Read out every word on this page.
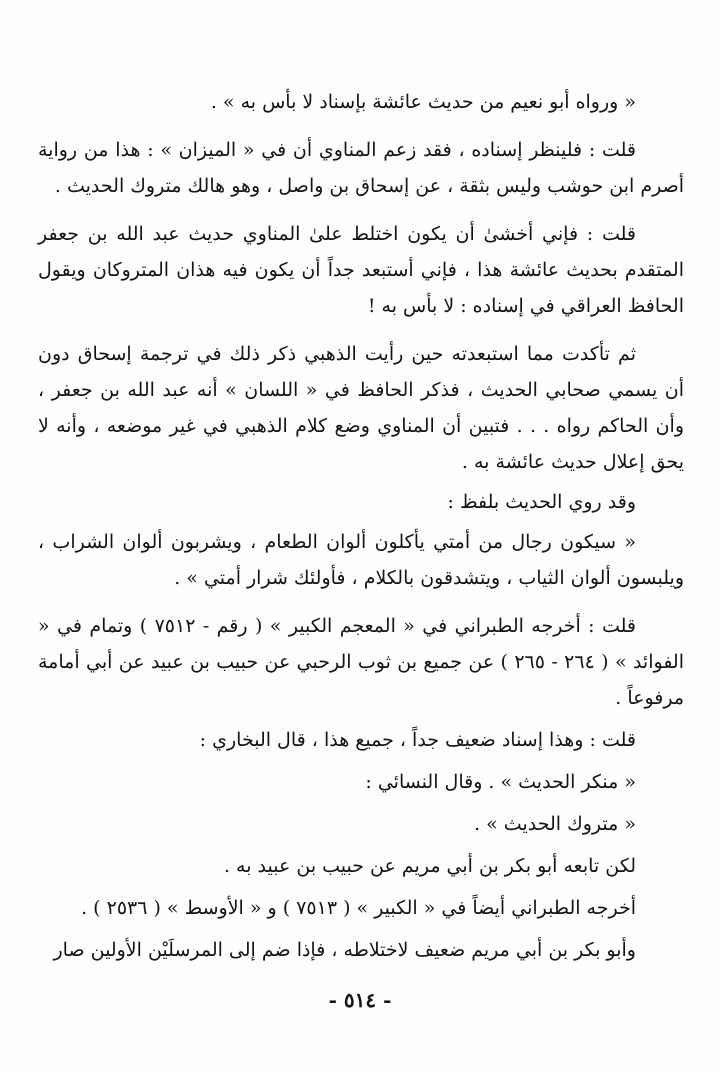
« ورواه أبو نعيم من حديث عائشة بإسناد لا بأس به » .

قلت : فلينظر إسناده ، فقد زعم المناوي أن في « الميزان » : هذا من رواية أصرم ابن حوشب وليس بثقة ، عن إسحاق بن واصل ، وهو هالك متروك الحديث .

قلت : فإني أخشىٰ أن يكون اختلط علىٰ المناوي حديث عبد الله بن جعفر المتقدم بحديث عائشة هذا ، فإني أستبعد جداً أن يكون فيه هذان المتروكان ويقول الحافظ العراقي في إسناده : لا بأس به !

ثم تأكدت مما استبعدته حين رأيت الذهبي ذكر ذلك في ترجمة إسحاق دون أن يسمي صحابي الحديث ، فذكر الحافظ في « اللسان » أنه عبد الله بن جعفر ، وأن الحاكم رواه . . . فتبين أن المناوي وضع كلام الذهبي في غير موضعه ، وأنه لا يحق إعلال حديث عائشة به .

وقد روي الحديث بلفظ :

« سيكون رجال من أمتي يأكلون ألوان الطعام ، ويشربون ألوان الشراب ، ويلبسون ألوان الثياب ، ويتشدقون بالكلام ، فأولئك شرار أمتي » .

قلت : أخرجه الطبراني في « المعجم الكبير » ( رقم - ٧٥١٢ ) وتمام في « الفوائد » ( ٢٦٤ - ٢٦٥ ) عن جميع بن ثوب الرحبي عن حبيب بن عبيد عن أبي أمامة مرفوعاً .

قلت : وهذا إسناد ضعيف جداً ، جميع هذا ، قال البخاري :

« منكر الحديث » . وقال النسائي :

« متروك الحديث » .

لكن تابعه أبو بكر بن أبي مريم عن حبيب بن عبيد به .

أخرجه الطبراني أيضاً في « الكبير » ( ٧٥١٣ ) و « الأوسط » ( ٢٥٣٦ ) .

وأبو بكر بن أبي مريم ضعيف لاختلاطه ، فإذا ضم إلى المرسلَيْن الأولين صار

- ٥١٤ -
